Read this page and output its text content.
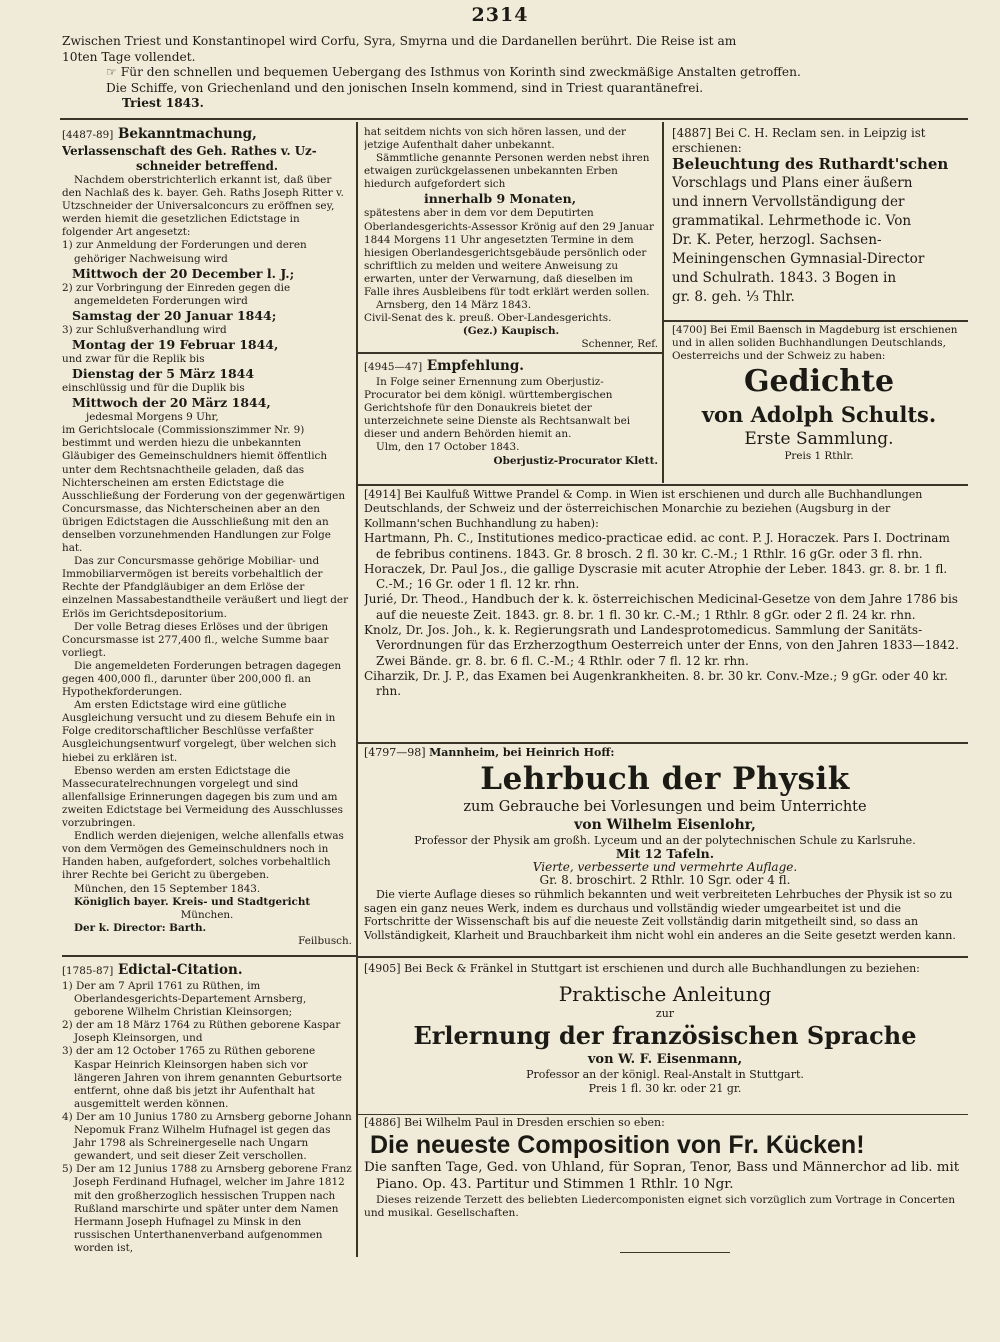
2314

Zwischen Triest und Konstantinopel wird Corfu, Syra, Smyrna und die Dardanellen berührt. Die Reise ist am

10ten Tage vollendet.

☞ Für den schnellen und bequemen Uebergang des Isthmus von Korinth sind zweckmäßige Anstalten getroffen.

Die Schiffe, von Griechenland und den jonischen Inseln kommend, sind in Triest quarantänefrei.

Triest 1843.

[4487-89] Bekanntmachung,

Verlassenschaft des Geh. Rathes v. Uz-

schneider betreffend.

Nachdem oberstrichterlich erkannt ist, daß über den Nachlaß des k. bayer. Geh. Raths Joseph Ritter v. Utzschneider der Universalconcurs zu eröffnen sey, werden hiemit die gesetzlichen Edictstage in folgender Art angesetzt:

1) zur Anmeldung der Forderungen und deren gehöriger Nachweisung wird

Mittwoch der 20 December l. J.;

2) zur Vorbringung der Einreden gegen die angemeldeten Forderungen wird

Samstag der 20 Januar 1844;

3) zur Schlußverhandlung wird

Montag der 19 Februar 1844,

und zwar für die Replik bis

Dienstag der 5 März 1844

einschlüssig und für die Duplik bis

Mittwoch der 20 März 1844,

jedesmal Morgens 9 Uhr,

im Gerichtslocale (Commissionszimmer Nr. 9) bestimmt und werden hiezu die unbekannten Gläubiger des Gemeinschuldners hiemit öffentlich unter dem Rechtsnachtheile geladen, daß das Nichterscheinen am ersten Edictstage die Ausschließung der Forderung von der gegenwärtigen Concursmasse, das Nichterscheinen aber an den übrigen Edictstagen die Ausschließung mit den an denselben vorzunehmenden Handlungen zur Folge hat.

Das zur Concursmasse gehörige Mobiliar- und Immobiliarvermögen ist bereits vorbehaltlich der Rechte der Pfandgläubiger an dem Erlöse der einzelnen Massabestandtheile veräußert und liegt der Erlös im Gerichtsdepositorium.

Der volle Betrag dieses Erlöses und der übrigen Concursmasse ist 277,400 fl., welche Summe baar vorliegt.

Die angemeldeten Forderungen betragen dagegen gegen 400,000 fl., darunter über 200,000 fl. an Hypothekforderungen.

Am ersten Edictstage wird eine gütliche Ausgleichung versucht und zu diesem Behufe ein in Folge creditorschaftlicher Beschlüsse verfaßter Ausgleichungsentwurf vorgelegt, über welchen sich hiebei zu erklären ist.

Ebenso werden am ersten Edictstage die Massecuratelrechnungen vorgelegt und sind allenfallsige Erinnerungen dagegen bis zum und am zweiten Edictstage bei Vermeidung des Ausschlusses vorzubringen.

Endlich werden diejenigen, welche allenfalls etwas von dem Vermögen des Gemeinschuldners noch in Handen haben, aufgefordert, solches vorbehaltlich ihrer Rechte bei Gericht zu übergeben.

München, den 15 September 1843.

Königlich bayer. Kreis- und Stadtgericht

München.

Der k. Director: Barth.

Feilbusch.

[1785-87] Edictal-Citation.

1) Der am 7 April 1761 zu Rüthen, im Oberlandesgerichts-Departement Arnsberg, geborene Wilhelm Christian Kleinsorgen;

2) der am 18 März 1764 zu Rüthen geborene Kaspar Joseph Kleinsorgen, und

3) der am 12 October 1765 zu Rüthen geborene Kaspar Heinrich Kleinsorgen haben sich vor längeren Jahren von ihrem genannten Geburtsorte entfernt, ohne daß bis jetzt ihr Aufenthalt hat ausgemittelt werden können.

4) Der am 10 Junius 1780 zu Arnsberg geborne Johann Nepomuk Franz Wilhelm Hufnagel ist gegen das Jahr 1798 als Schreinergeselle nach Ungarn gewandert, und seit dieser Zeit verschollen.

5) Der am 12 Junius 1788 zu Arnsberg geborene Franz Joseph Ferdinand Hufnagel, welcher im Jahre 1812 mit den großherzoglich hessischen Truppen nach Rußland marschirte und später unter dem Namen Hermann Joseph Hufnagel zu Minsk in den russischen Unterthanenverband aufgenommen worden ist,

hat seitdem nichts von sich hören lassen, und der jetzige Aufenthalt daher unbekannt.

Sämmtliche genannte Personen werden nebst ihren etwaigen zurückgelassenen unbekannten Erben hiedurch aufgefordert sich

innerhalb 9 Monaten,

spätestens aber in dem vor dem Deputirten Oberlandesgerichts-Assessor Krönig auf den 29 Januar 1844 Morgens 11 Uhr angesetzten Termine in dem hiesigen Oberlandesgerichtsgebäude persönlich oder schriftlich zu melden und weitere Anweisung zu erwarten, unter der Verwarnung, daß dieselben im Falle ihres Ausbleibens für todt erklärt werden sollen.

Arnsberg, den 14 März 1843.

Civil-Senat des k. preuß. Ober-Landesgerichts.

(Gez.) Kaupisch.

Schenner, Ref.

[4945—47] Empfehlung.

In Folge seiner Ernennung zum Oberjustiz-Procurator bei dem königl. württembergischen Gerichtshofe für den Donaukreis bietet der unterzeichnete seine Dienste als Rechtsanwalt bei dieser und andern Behörden hiemit an.

Ulm, den 17 October 1843.

Oberjustiz-Procurator Klett.

[4887] Bei C. H. Reclam sen. in Leipzig ist erschienen:

Beleuchtung des Ruthardt'schen

Vorschlags und Plans einer äußern

und innern Vervollständigung der

grammatikal. Lehrmethode ic. Von

Dr. K. Peter, herzogl. Sachsen-

Meiningenschen Gymnasial-Director

und Schulrath. 1843. 3 Bogen in

gr. 8. geh. ⅓ Thlr.

[4700] Bei Emil Baensch in Magdeburg ist erschienen und in allen soliden Buchhandlungen Deutschlands, Oesterreichs und der Schweiz zu haben:

Gedichte

von Adolph Schults.

Erste Sammlung.

Preis 1 Rthlr.

[4914] Bei Kaulfuß Wittwe Prandel & Comp. in Wien ist erschienen und durch alle Buchhandlungen Deutschlands, der Schweiz und der österreichischen Monarchie zu beziehen (Augsburg in der Kollmann'schen Buchhandlung zu haben):

Hartmann, Ph. C., Institutiones medico-practicae edid. ac cont. P. J. Horaczek. Pars I. Doctrinam de febribus continens. 1843. Gr. 8 brosch. 2 fl. 30 kr. C.-M.; 1 Rthlr. 16 gGr. oder 3 fl. rhn.

Horaczek, Dr. Paul Jos., die gallige Dyscrasie mit acuter Atrophie der Leber. 1843. gr. 8. br. 1 fl. C.-M.; 16 Gr. oder 1 fl. 12 kr. rhn.

Jurié, Dr. Theod., Handbuch der k. k. österreichischen Medicinal-Gesetze von dem Jahre 1786 bis auf die neueste Zeit. 1843. gr. 8. br. 1 fl. 30 kr. C.-M.; 1 Rthlr. 8 gGr. oder 2 fl. 24 kr. rhn.

Knolz, Dr. Jos. Joh., k. k. Regierungsrath und Landesprotomedicus. Sammlung der Sanitäts-Verordnungen für das Erzherzogthum Oesterreich unter der Enns, von den Jahren 1833—1842. Zwei Bände. gr. 8. br. 6 fl. C.-M.; 4 Rthlr. oder 7 fl. 12 kr. rhn.

Ciharzik, Dr. J. P., das Examen bei Augenkrankheiten. 8. br. 30 kr. Conv.-Mze.; 9 gGr. oder 40 kr. rhn.

[4797—98] Mannheim, bei Heinrich Hoff:

Lehrbuch der Physik

zum Gebrauche bei Vorlesungen und beim Unterrichte

von Wilhelm Eisenlohr,

Professor der Physik am großh. Lyceum und an der polytechnischen Schule zu Karlsruhe.

Mit 12 Tafeln.

Vierte, verbesserte und vermehrte Auflage.

Gr. 8. broschirt. 2 Rthlr. 10 Sgr. oder 4 fl.

Die vierte Auflage dieses so rühmlich bekannten und weit verbreiteten Lehrbuches der Physik ist so zu sagen ein ganz neues Werk, indem es durchaus und vollständig wieder umgearbeitet ist und die Fortschritte der Wissenschaft bis auf die neueste Zeit vollständig darin mitgetheilt sind, so dass an Vollständigkeit, Klarheit und Brauchbarkeit ihm nicht wohl ein anderes an die Seite gesetzt werden kann.

[4905] Bei Beck & Fränkel in Stuttgart ist erschienen und durch alle Buchhandlungen zu beziehen:

Praktische Anleitung

zur

Erlernung der französischen Sprache

von W. F. Eisenmann,

Professor an der königl. Real-Anstalt in Stuttgart.

Preis 1 fl. 30 kr. oder 21 gr.

[4886] Bei Wilhelm Paul in Dresden erschien so eben:

Die neueste Composition von Fr. Kücken!

Die sanften Tage, Ged. von Uhland, für Sopran, Tenor, Bass und Männerchor ad lib. mit Piano. Op. 43. Partitur und Stimmen 1 Rthlr. 10 Ngr.

Dieses reizende Terzett des beliebten Liedercomponisten eignet sich vorzüglich zum Vortrage in Concerten und musikal. Gesellschaften.
